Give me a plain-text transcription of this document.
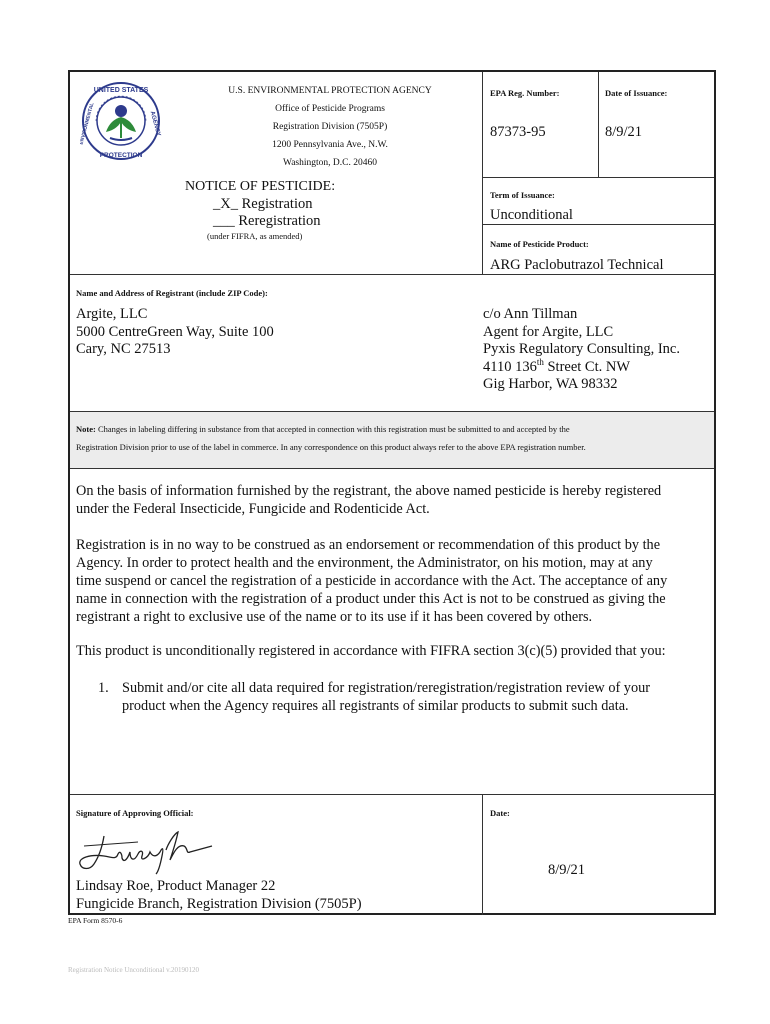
UNITED STATES
PROTECTION
ENVIRONMENTAL	AGENCY
U.S. ENVIRONMENTAL PROTECTION AGENCY
Office of Pesticide Programs
Registration Division (7505P)
1200 Pennsylvania Ave., N.W.
Washington, D.C. 20460
NOTICE OF PESTICIDE:
_X_ Registration
___ Reregistration
(under FIFRA, as amended)
EPA Reg. Number:
87373-95
Date of Issuance:
8/9/21
Term of Issuance:
Unconditional
Name of Pesticide Product:
ARG Paclobutrazol Technical
Name and Address of Registrant (include ZIP Code):
Argite, LLC
5000 CentreGreen Way, Suite 100
Cary, NC 27513
c/o Ann Tillman
Agent for Argite, LLC
Pyxis Regulatory Consulting, Inc.
4110 136th Street Ct. NW
Gig Harbor, WA 98332
Note: Changes in labeling differing in substance from that accepted in connection with this registration must be submitted to and accepted by the
Registration Division prior to use of the label in commerce. In any correspondence on this product always refer to the above EPA registration number.
On the basis of information furnished by the registrant, the above named pesticide is hereby registered
under the Federal Insecticide, Fungicide and Rodenticide Act.
Registration is in no way to be construed as an endorsement or recommendation of this product by the
Agency. In order to protect health and the environment, the Administrator, on his motion, may at any
time suspend or cancel the registration of a pesticide in accordance with the Act. The acceptance of any
name in connection with the registration of a product under this Act is not to be construed as giving the
registrant a right to exclusive use of the name or to its use if it has been covered by others.
This product is unconditionally registered in accordance with FIFRA section 3(c)(5) provided that you:
1. Submit and/or cite all data required for registration/reregistration/registration review of your
product when the Agency requires all registrants of similar products to submit such data.
Signature of Approving Official:
Lindsay Roe, Product Manager 22
Fungicide Branch, Registration Division (7505P)
Date:
8/9/21
EPA Form 8570-6
Registration Notice Unconditional v.20190120
